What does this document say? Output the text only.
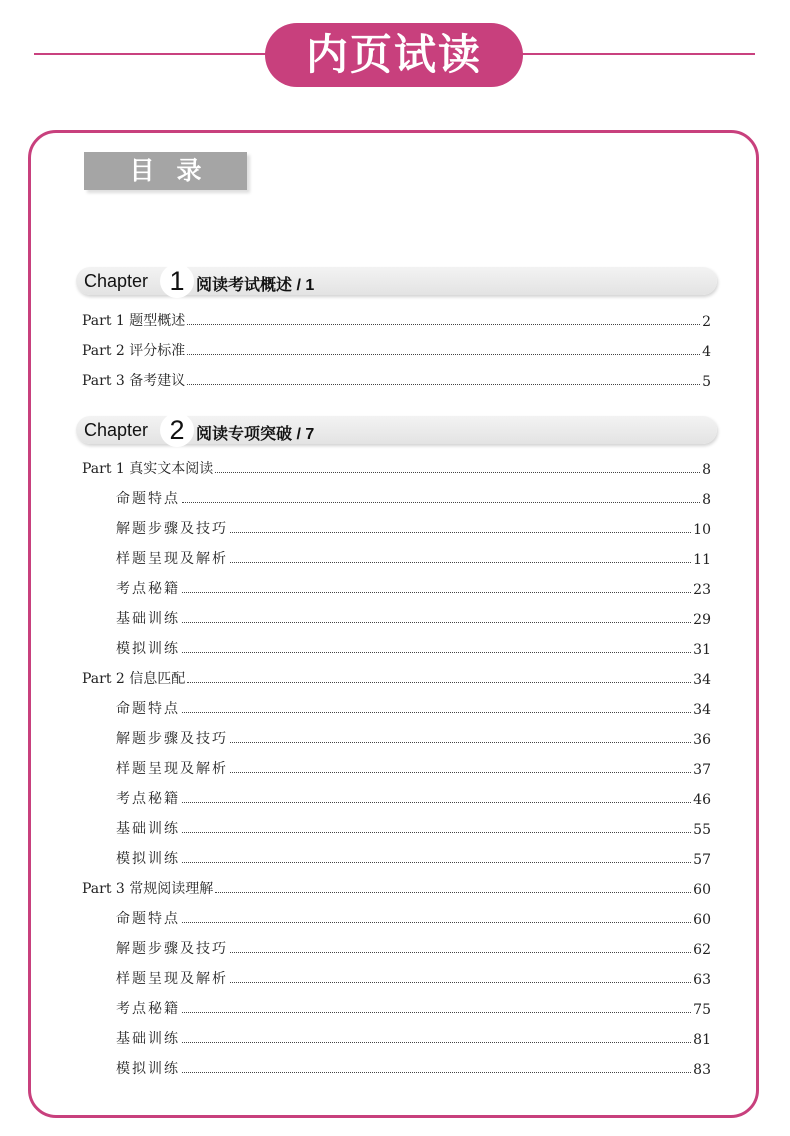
内页试读
目录
Chapter 1 阅读考试概述 / 1
Part 1 题型概述	2
Part 2 评分标准	4
Part 3 备考建议	5
Chapter 2 阅读专项突破 / 7
Part 1 真实文本阅读	8
命题特点	8
解题步骤及技巧	10
样题呈现及解析	11
考点秘籍	23
基础训练	29
模拟训练	31
Part 2 信息匹配	34
命题特点	34
解题步骤及技巧	36
样题呈现及解析	37
考点秘籍	46
基础训练	55
模拟训练	57
Part 3 常规阅读理解	60
命题特点	60
解题步骤及技巧	62
样题呈现及解析	63
考点秘籍	75
基础训练	81
模拟训练	83
